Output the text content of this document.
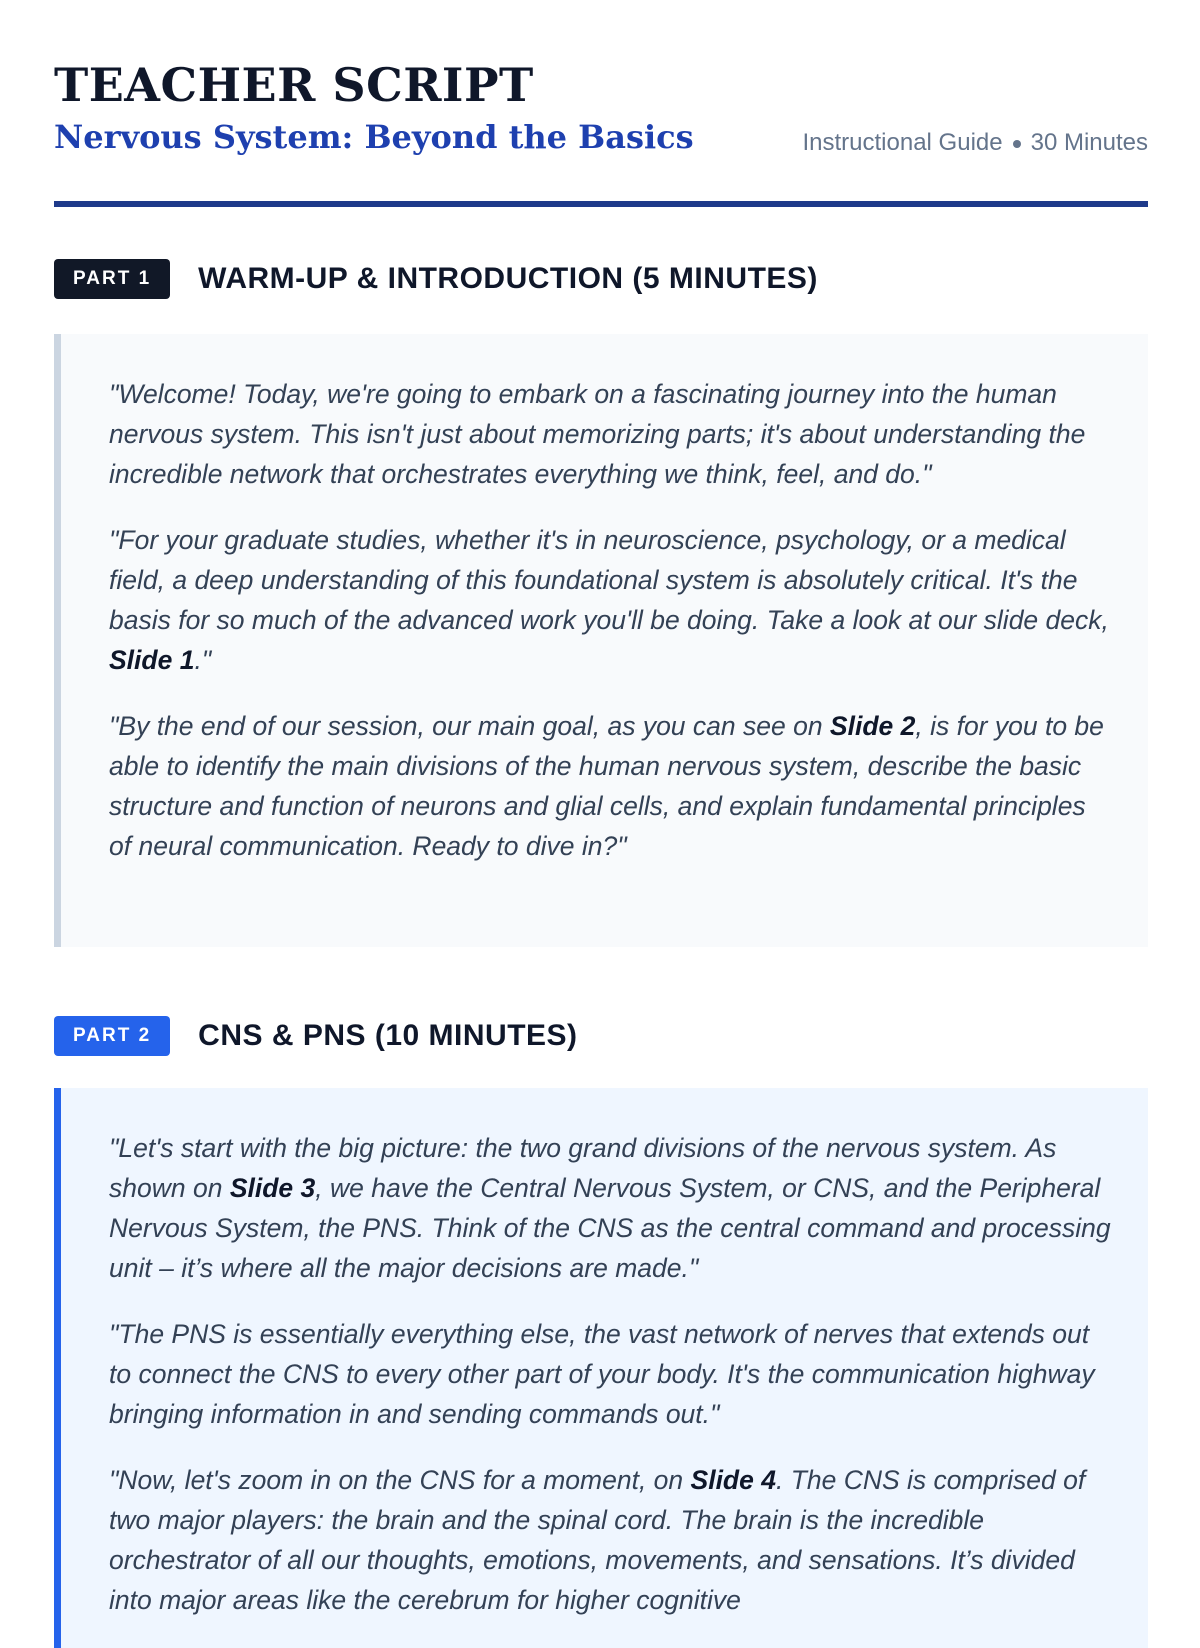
TEACHER SCRIPT
Nervous System: Beyond the Basics	Instructional Guide 30 Minutes
PART 1	WARM-UP & INTRODUCTION (5 MINUTES)

"Welcome! Today, we're going to embark on a fascinating journey into the human nervous system. This isn't just about memorizing parts; it's about understanding the incredible network that orchestrates everything we think, feel, and do."

"For your graduate studies, whether it's in neuroscience, psychology, or a medical field, a deep understanding of this foundational system is absolutely critical. It's the basis for so much of the advanced work you'll be doing. Take a look at our slide deck, Slide 1."

"By the end of our session, our main goal, as you can see on Slide 2, is for you to be able to identify the main divisions of the human nervous system, describe the basic structure and function of neurons and glial cells, and explain fundamental principles of neural communication. Ready to dive in?"

PART 2	CNS & PNS (10 MINUTES)

"Let's start with the big picture: the two grand divisions of the nervous system. As shown on Slide 3, we have the Central Nervous System, or CNS, and the Peripheral Nervous System, the PNS. Think of the CNS as the central command and processing unit – it’s where all the major decisions are made."

"The PNS is essentially everything else, the vast network of nerves that extends out to connect the CNS to every other part of your body. It's the communication highway bringing information in and sending commands out."

"Now, let's zoom in on the CNS for a moment, on Slide 4. The CNS is comprised of two major players: the brain and the spinal cord. The brain is the incredible orchestrator of all our thoughts, emotions, movements, and sensations. It’s divided into major areas like the cerebrum for higher cognitive
